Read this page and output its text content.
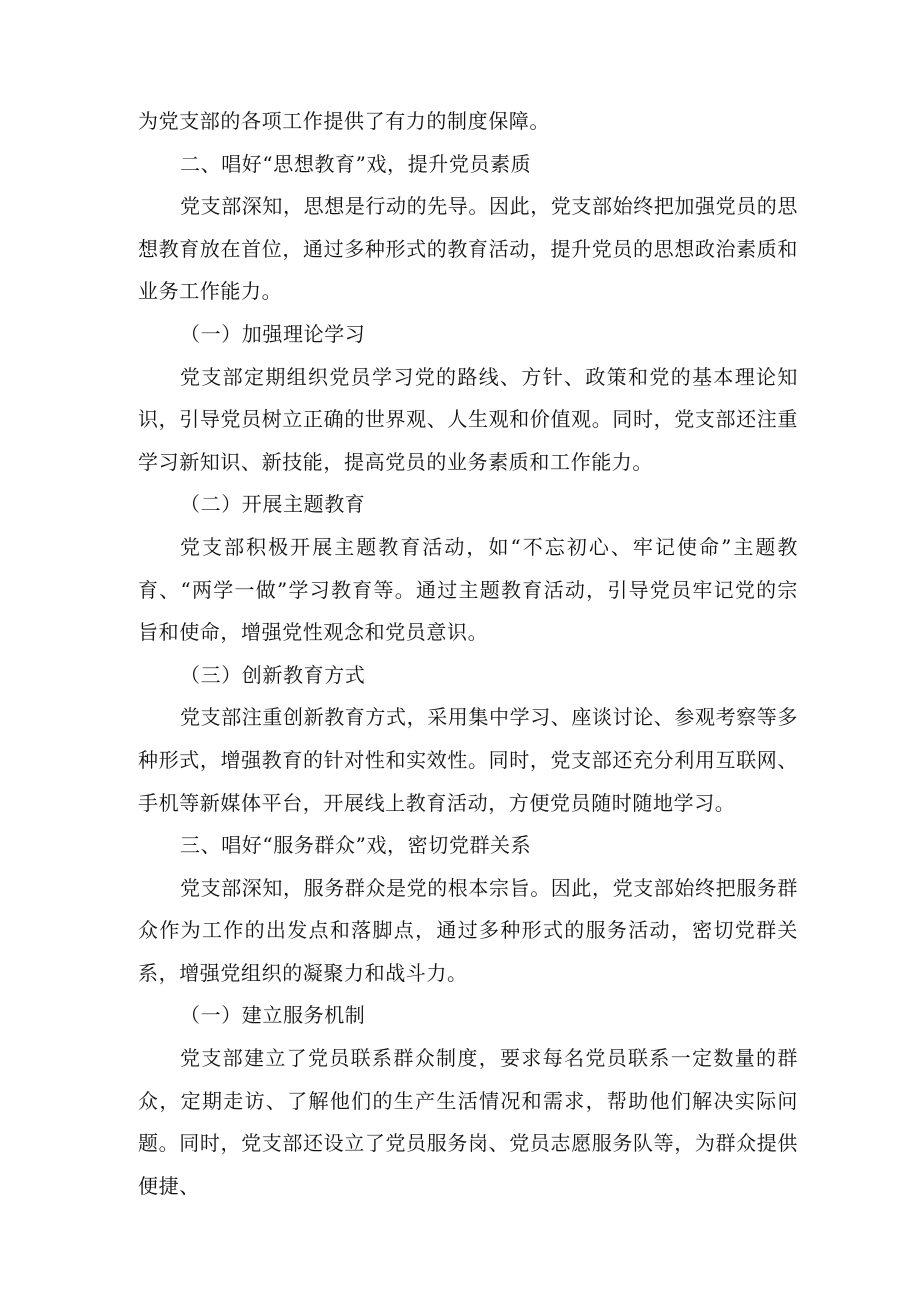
为党支部的各项工作提供了有力的制度保障。

二、唱好“思想教育”戏，提升党员素质

党支部深知，思想是行动的先导。因此，党支部始终把加强党员的思想教育放在首位，通过多种形式的教育活动，提升党员的思想政治素质和业务工作能力。

（一）加强理论学习

党支部定期组织党员学习党的路线、方针、政策和党的基本理论知识，引导党员树立正确的世界观、人生观和价值观。同时，党支部还注重学习新知识、新技能，提高党员的业务素质和工作能力。

（二）开展主题教育

党支部积极开展主题教育活动，如“不忘初心、牢记使命”主题教育、“两学一做”学习教育等。通过主题教育活动，引导党员牢记党的宗旨和使命，增强党性观念和党员意识。

（三）创新教育方式

党支部注重创新教育方式，采用集中学习、座谈讨论、参观考察等多种形式，增强教育的针对性和实效性。同时，党支部还充分利用互联网、手机等新媒体平台，开展线上教育活动，方便党员随时随地学习。

三、唱好“服务群众”戏，密切党群关系

党支部深知，服务群众是党的根本宗旨。因此，党支部始终把服务群众作为工作的出发点和落脚点，通过多种形式的服务活动，密切党群关系，增强党组织的凝聚力和战斗力。

（一）建立服务机制

党支部建立了党员联系群众制度，要求每名党员联系一定数量的群众，定期走访、了解他们的生产生活情况和需求，帮助他们解决实际问题。同时，党支部还设立了党员服务岗、党员志愿服务队等，为群众提供便捷、
